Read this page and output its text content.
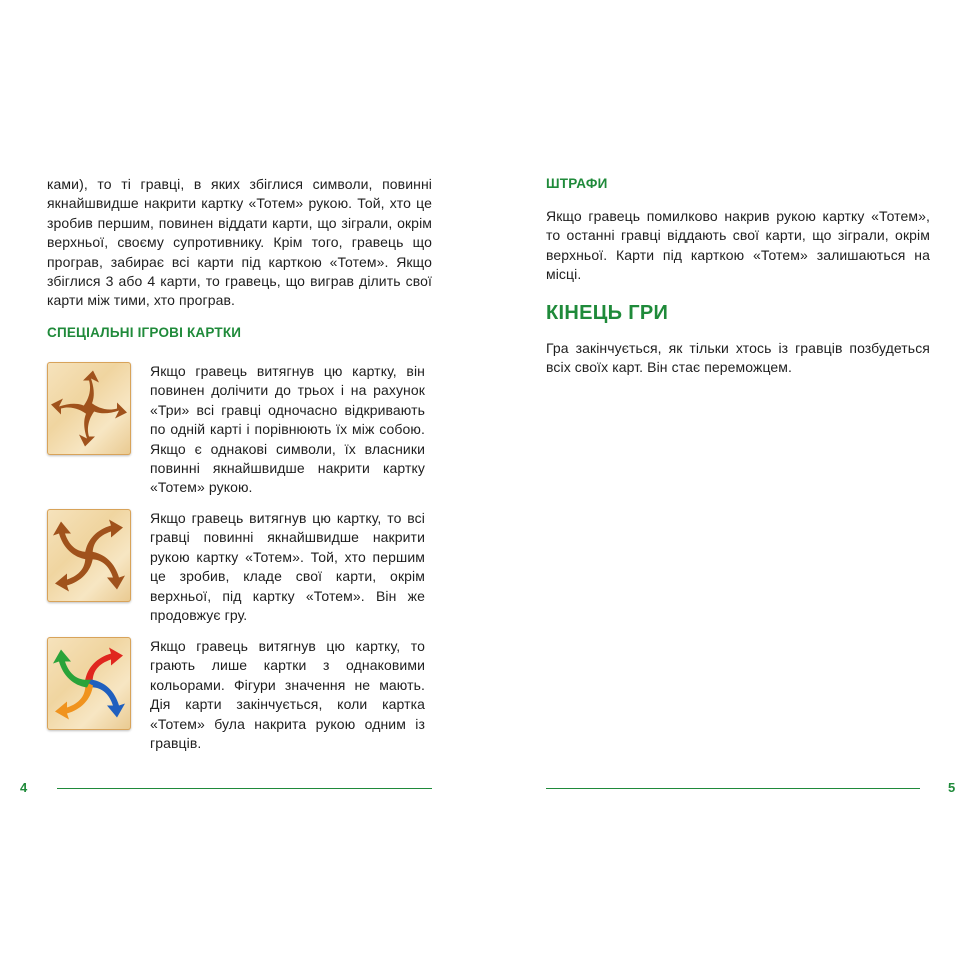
ками), то ті гравці, в яких збіглися символи, повинні якнайшвидше накрити картку «Тотем» рукою. Той, хто це зробив першим, повинен віддати карти, що зіграли, окрім верхньої, своєму супротивнику. Крім того, гравець що програв, забирає всі карти під карткою «Тотем». Якщо збіглися 3 або 4 карти, то гравець, що виграв ділить свої карти між тими, хто програв.

СПЕЦІАЛЬНІ ІГРОВІ КАРТКИ

Якщо гравець витягнув цю картку, він повинен долічити до трьох і на рахунок «Три» всі гравці одночасно відкривають по одній карті і порівнюють їх між собою. Якщо є однакові символи, їх власники повинні якнайшвидше накрити картку «Тотем» рукою.

Якщо гравець витягнув цю картку, то всі гравці повинні якнайшвидше накрити рукою картку «Тотем». Той, хто першим це зробив, кладе свої карти, окрім верхньої, під картку «Тотем». Він же продовжує гру.

Якщо гравець витягнув цю картку, то грають лише картки з однаковими кольорами. Фігури значення не мають. Дія карти закінчується, коли картка «Тотем» була накрита рукою одним із гравців.

4

ШТРАФИ

Якщо гравець помилково накрив рукою картку «Тотем», то останні гравці віддають свої карти, що зіграли, окрім верхньої. Карти під карткою «Тотем» залишаються на місці.

КІНЕЦЬ ГРИ

Гра закінчується, як тільки хтось із гравців позбудеться всіх своїх карт. Він стає переможцем.

5
